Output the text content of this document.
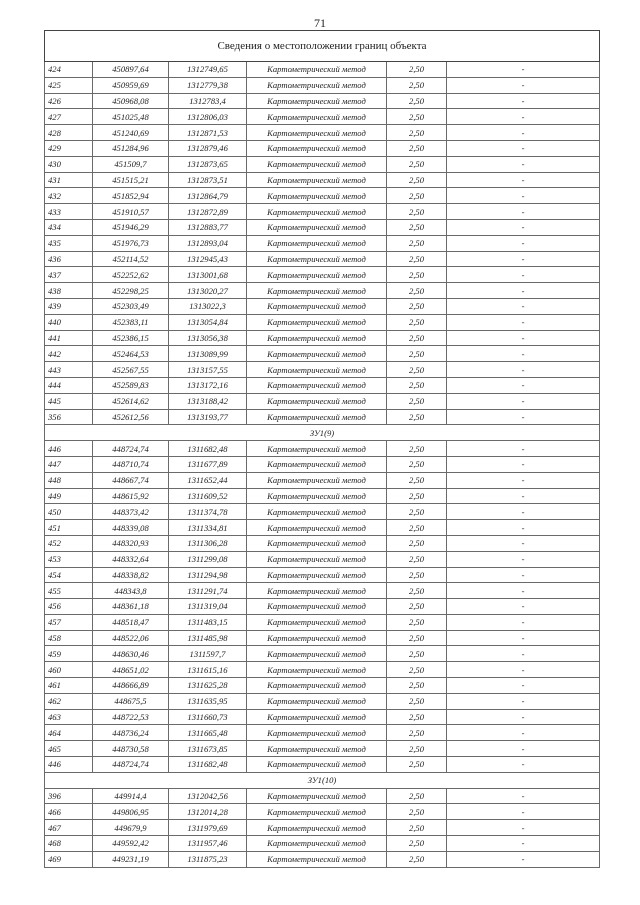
71
Сведения о местоположении границ объекта					
424	450897,64	1312749,65	Картометрический метод	2,50	-
425	450959,69	1312779,38	Картометрический метод	2,50	-
426	450968,08	1312783,4	Картометрический метод	2,50	-
427	451025,48	1312806,03	Картометрический метод	2,50	-
428	451240,69	1312871,53	Картометрический метод	2,50	-
429	451284,96	1312879,46	Картометрический метод	2,50	-
430	451509,7	1312873,65	Картометрический метод	2,50	-
431	451515,21	1312873,51	Картометрический метод	2,50	-
432	451852,94	1312864,79	Картометрический метод	2,50	-
433	451910,57	1312872,89	Картометрический метод	2,50	-
434	451946,29	1312883,77	Картометрический метод	2,50	-
435	451976,73	1312893,04	Картометрический метод	2,50	-
436	452114,52	1312945,43	Картометрический метод	2,50	-
437	452252,62	1313001,68	Картометрический метод	2,50	-
438	452298,25	1313020,27	Картометрический метод	2,50	-
439	452303,49	1313022,3	Картометрический метод	2,50	-
440	452383,11	1313054,84	Картометрический метод	2,50	-
441	452386,15	1313056,38	Картометрический метод	2,50	-
442	452464,53	1313089,99	Картометрический метод	2,50	-
443	452567,55	1313157,55	Картометрический метод	2,50	-
444	452589,83	1313172,16	Картометрический метод	2,50	-
445	452614,62	1313188,42	Картометрический метод	2,50	-
356	452612,56	1313193,77	Картометрический метод	2,50	-
ЗУ1(9)					
446	448724,74	1311682,48	Картометрический метод	2,50	-
447	448710,74	1311677,89	Картометрический метод	2,50	-
448	448667,74	1311652,44	Картометрический метод	2,50	-
449	448615,92	1311609,52	Картометрический метод	2,50	-
450	448373,42	1311374,78	Картометрический метод	2,50	-
451	448339,08	1311334,81	Картометрический метод	2,50	-
452	448320,93	1311306,28	Картометрический метод	2,50	-
453	448332,64	1311299,08	Картометрический метод	2,50	-
454	448338,82	1311294,98	Картометрический метод	2,50	-
455	448343,8	1311291,74	Картометрический метод	2,50	-
456	448361,18	1311319,04	Картометрический метод	2,50	-
457	448518,47	1311483,15	Картометрический метод	2,50	-
458	448522,06	1311485,98	Картометрический метод	2,50	-
459	448630,46	1311597,7	Картометрический метод	2,50	-
460	448651,02	1311615,16	Картометрический метод	2,50	-
461	448666,89	1311625,28	Картометрический метод	2,50	-
462	448675,5	1311635,95	Картометрический метод	2,50	-
463	448722,53	1311660,73	Картометрический метод	2,50	-
464	448736,24	1311665,48	Картометрический метод	2,50	-
465	448730,58	1311673,85	Картометрический метод	2,50	-
446	448724,74	1311682,48	Картометрический метод	2,50	-
ЗУ1(10)					
396	449914,4	1312042,56	Картометрический метод	2,50	-
466	449806,95	1312014,28	Картометрический метод	2,50	-
467	449679,9	1311979,69	Картометрический метод	2,50	-
468	449592,42	1311957,46	Картометрический метод	2,50	-
469	449231,19	1311875,23	Картометрический метод	2,50	-
